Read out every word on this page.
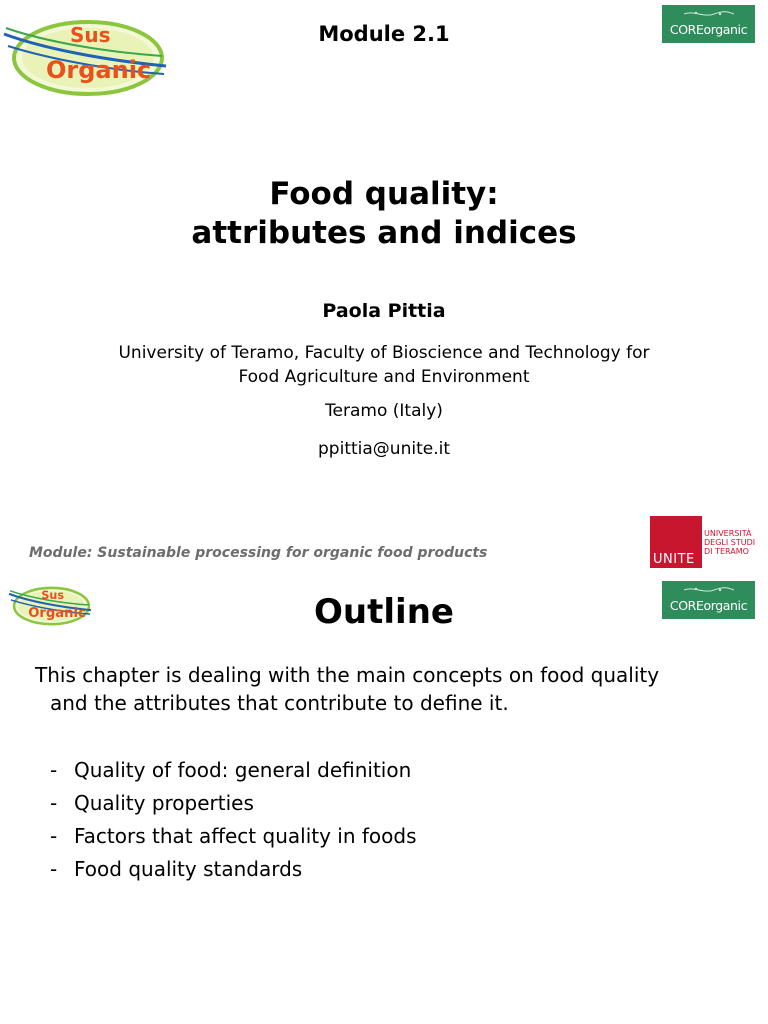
Sus
Organic
Module 2.1	COREorganic
Food quality:
attributes and indices
Paola Pittia
University of Teramo, Faculty of Bioscience and Technology for
Food Agriculture and Environment
Teramo (Italy)
ppittia@unite.it
Module: Sustainable processing for organic food products	UNITE
UNIVERSITÀ
DEGLI STUDI
DI TERAMO
Sus
Organic	Outline	COREorganic
This chapter is dealing with the main concepts on food quality
and the attributes that contribute to define it.
- Quality of food: general definition
- Quality properties
- Factors that affect quality in foods
- Food quality standards
